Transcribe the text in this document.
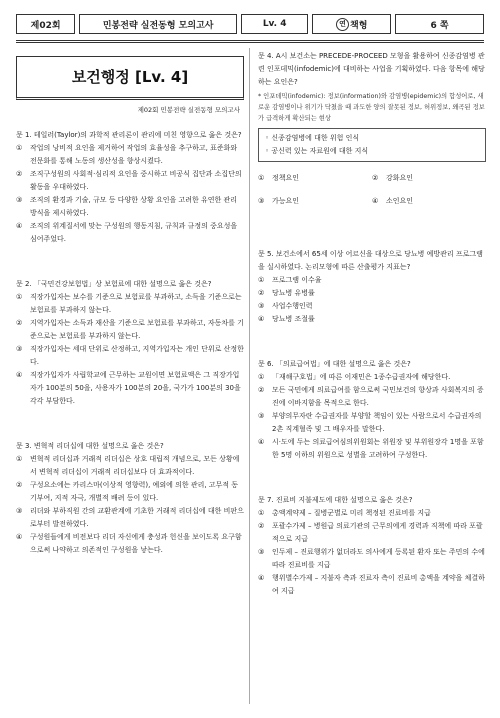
제02회	민봉전략 실전동형 모의고사	Lv. 4	연 책형	6 쪽
보건행정 [Lv. 4]
제02회 민봉전략 실전동형 모의고사
문 1. 테일러(Taylor)의 과학적 관리론이 관리에 미친 영향으로 옳은 것은?
①	작업의 낭비적 요인을 제거하여 작업의 효율성을 추구하고, 표준화와 전문화를 통해 노동의 생산성을 향상시켰다.
②	조직구성원의 사회적·심리적 요인을 중시하고 비공식 집단과 소집단의 활동을 우대하였다.
③	조직의 환경과 기술, 규모 등 다양한 상황 요인을 고려한 유연한 관리 방식을 제시하였다.
④	조직의 위계질서에 맞는 구성원의 행동지침, 규칙과 규정의 중요성을 심어주었다.
문 2. 「국민건강보험법」상 보험료에 대한 설명으로 옳은 것은?
①	직장가입자는 보수를 기준으로 보험료를 부과하고, 소득을 기준으로는 보험료를 부과하지 않는다.
②	지역가입자는 소득과 재산을 기준으로 보험료를 부과하고, 자동차를 기준으로는 보험료를 부과하지 않는다.
③	직장가입자는 세대 단위로 산정하고, 지역가입자는 개인 단위로 산정한다.
④	직장가입자가 사립학교에 근무하는 교원이면 보험료액은 그 직장가입자가 100분의 50을, 사용자가 100분의 20을, 국가가 100분의 30을 각각 부담한다.
문 3. 변혁적 리더십에 대한 설명으로 옳은 것은?
①	변혁적 리더십과 거래적 리더십은 상호 대립적 개념으로, 모든 상황에서 변혁적 리더십이 거래적 리더십보다 더 효과적이다.
②	구성요소에는 카리스마(이상적 영향력), 예외에 의한 관리, 고무적 동기부여, 지적 자극, 개별적 배려 등이 있다.
③	리더와 부하직원 간의 교환관계에 기초한 거래적 리더십에 대한 비판으로부터 발전하였다.
④	구성원들에게 비전보다 리더 자신에게 충성과 헌신을 보이도록 요구함으로써 나약하고 의존적인 구성원을 낳는다.
문 4. A시 보건소는 PRECEDE-PROCEED 모형을 활용하여 신종감염병 관련 인포데믹(infodemic)에 대비하는 사업을 기획하였다. 다음 항목에 해당하는 요인은?
* 인포데믹(infodemic): 정보(information)와 감염병(epidemic)의 합성어로, 새로운 감염병이나 위기가 닥쳤을 때 과도한 양의 잘못된 정보, 허위정보, 왜곡된 정보가 급격하게 확산되는 현상
◦ 신종감염병에 대한 위험 인식
◦ 공신력 있는 자료원에 대한 지식
①	정책요인	②	강화요인
③	가능요인	④	소인요인
문 5. 보건소에서 65세 이상 어르신을 대상으로 당뇨병 예방관리 프로그램을 실시하였다. 논리모형에 따른 산출평가 지표는?
①	프로그램 이수율
②	당뇨병 유병률
③	사업수행인력
④	당뇨병 조절률
문 6. 「의료급여법」에 대한 설명으로 옳은 것은?
①	「재해구호법」에 따른 이재민은 1종수급권자에 해당한다.
②	모든 국민에게 의료급여를 함으로써 국민보건의 향상과 사회복지의 증진에 이바지함을 목적으로 한다.
③	부양의무자란 수급권자를 부양할 책임이 있는 사람으로서 수급권자의 2촌 직계혈족 및 그 배우자를 말한다.
④	시·도에 두는 의료급여심의위원회는 위원장 및 부위원장각 1명을 포함한 5명 이하의 위원으로 성별을 고려하여 구성한다.
문 7. 진료비 지불제도에 대한 설명으로 옳은 것은?
①	총액계약제 – 질병군별로 미리 책정된 진료비를 지급
②	포괄수가제 – 병원급 의료기관의 근무의에게 경력과 직책에 따라 포괄적으로 지급
③	인두제 – 진료행위가 없더라도 의사에게 등록된 환자 또는 주민의 수에 따라 진료비를 지급
④	행위별수가제 – 지불자 측과 진료자 측이 진료비 총액을 계약을 체결하여 지급
